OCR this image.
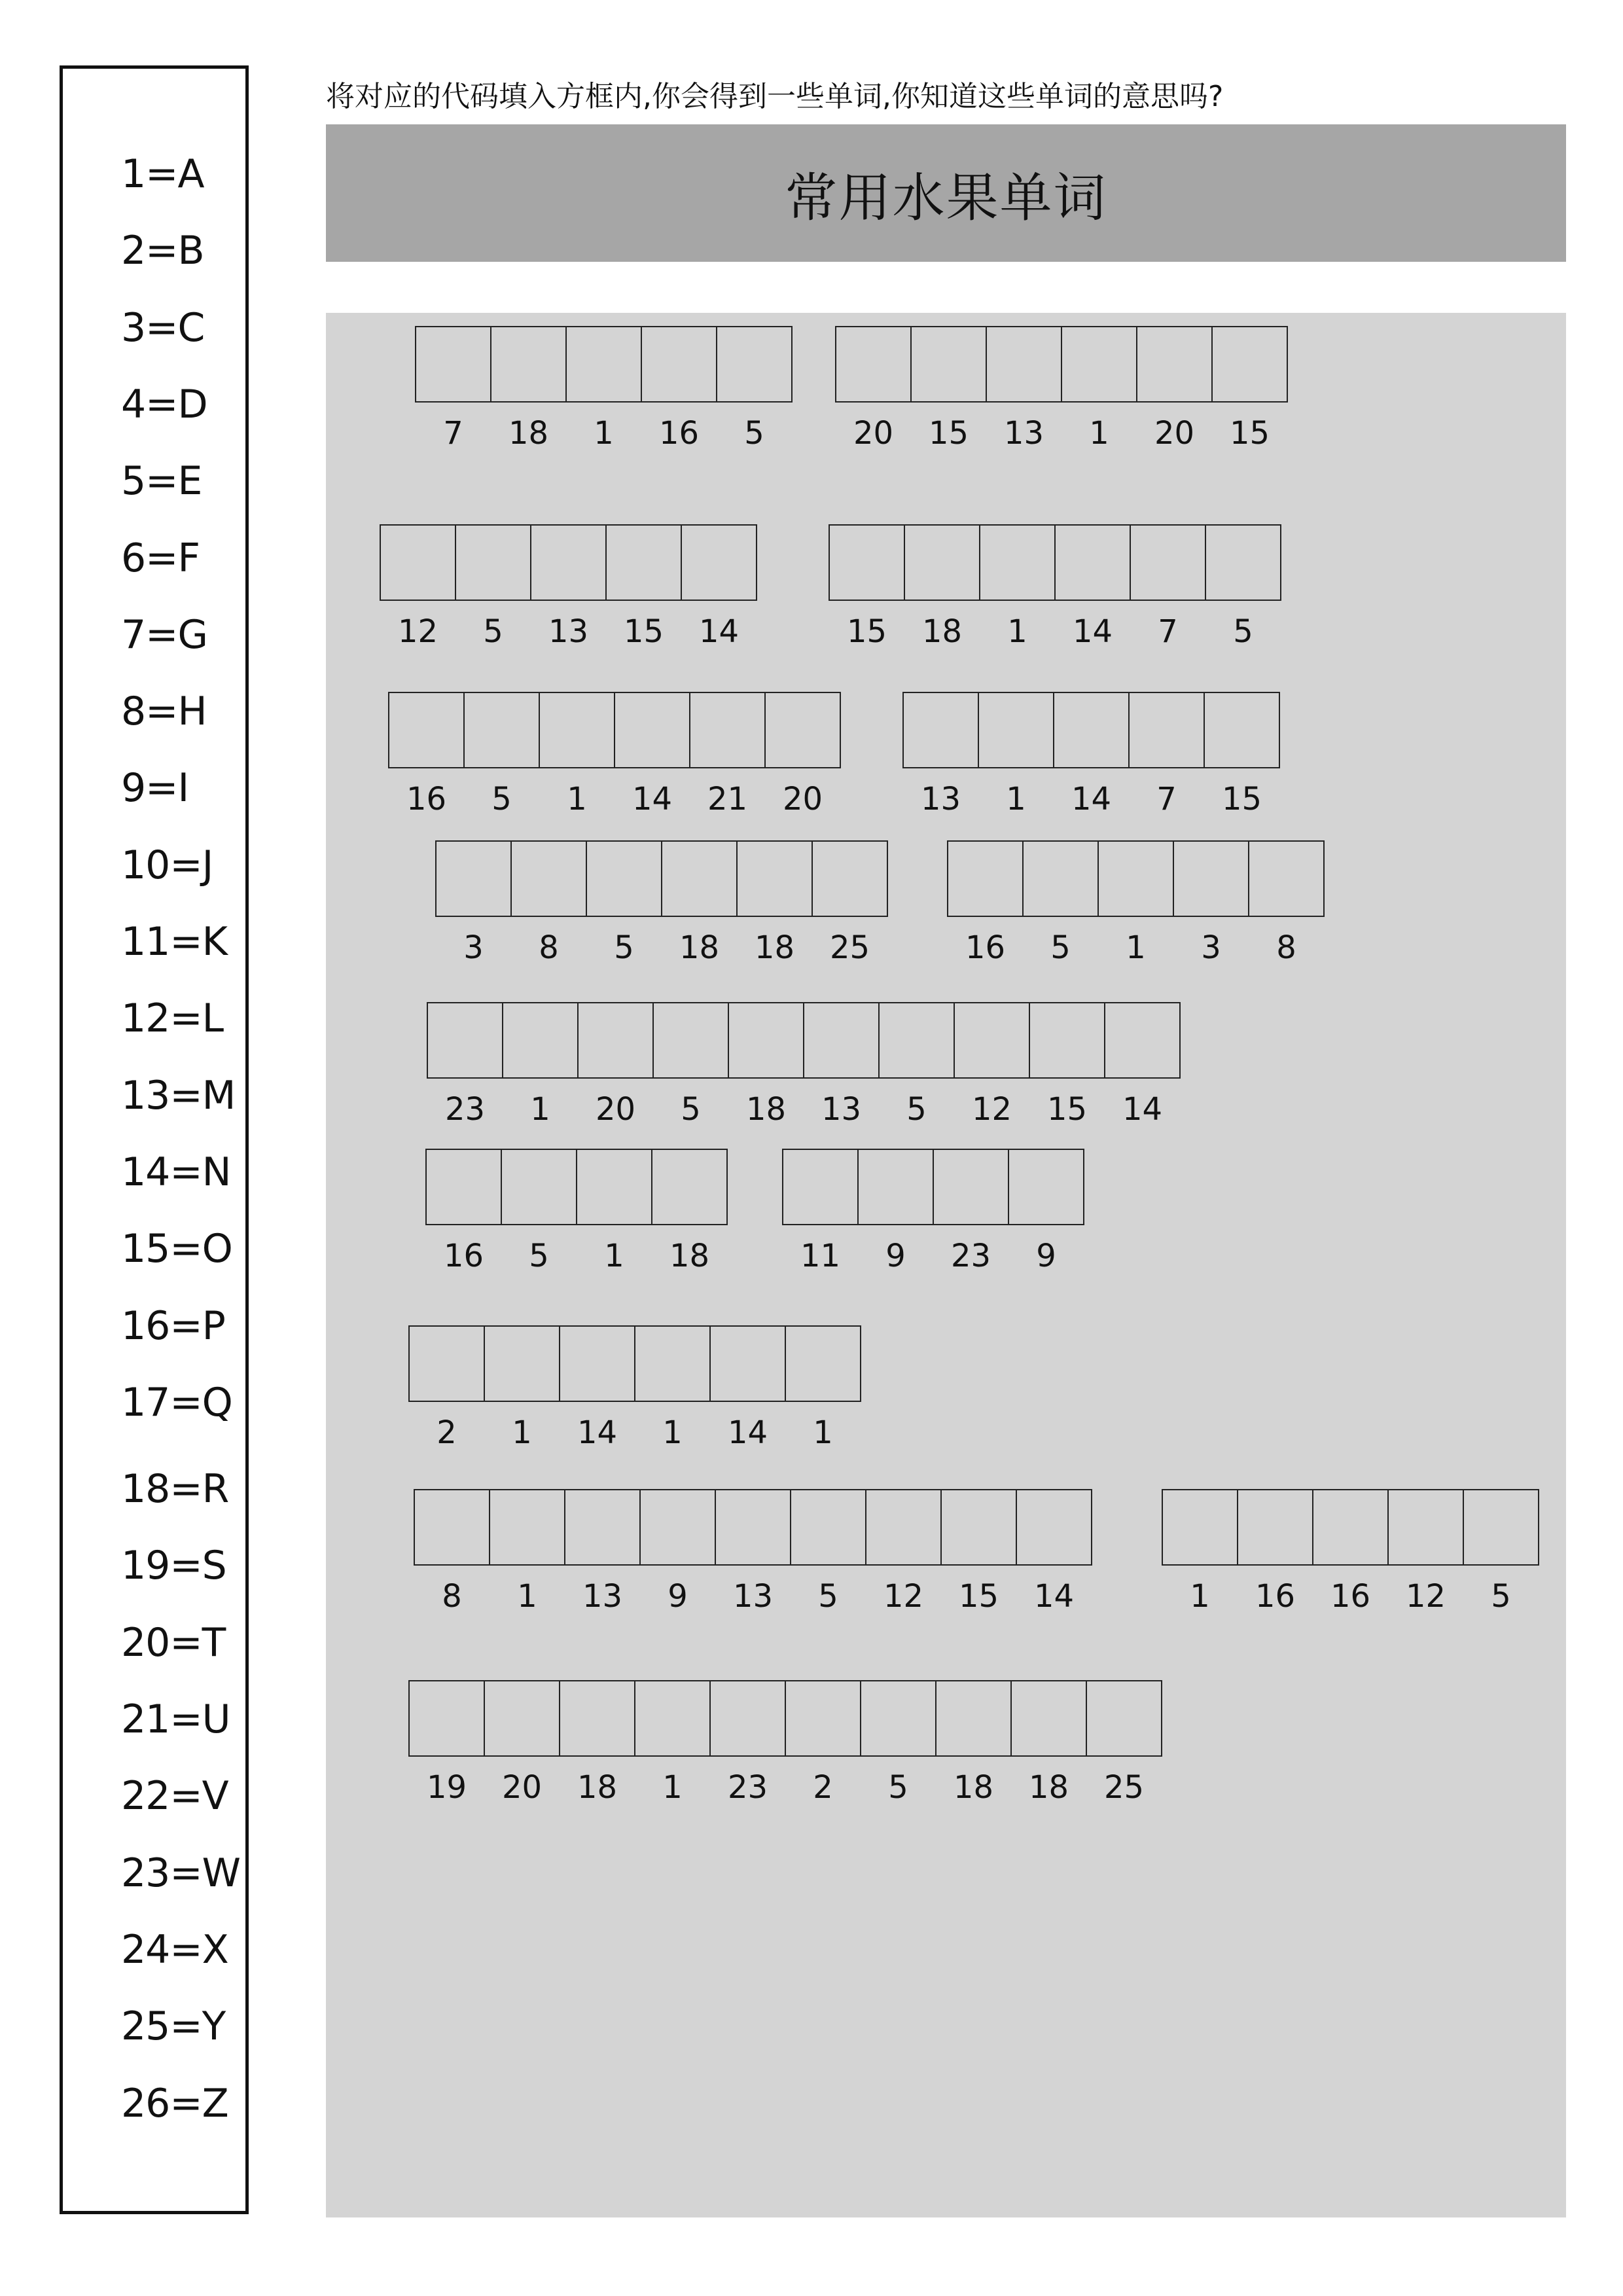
1=A
2=B
3=C
4=D
5=E
6=F
7=G
8=H
9=I
10=J
11=K
12=L
13=M
14=N
15=O
16=P
17=Q
18=R
19=S
20=T
21=U
22=V
23=W
24=X
25=Y
26=Z
将对应的代码填入方框内,你会得到一些单词,你知道这些单词的意思吗?
常用水果单词
7	18	1	16	5	20	15	13	1	20	15
12	5	13	15	14	15	18	1	14	7	5
16	5	1	14	21	20	13	1	14	7	15
3	8	5	18	18	25	16	5	1	3	8
23	1	20	5	18	13	5	12	15	14
16	5	1	18	11	9	23	9
2	1	14	1	14	1
8	1	13	9	13	5	12	15	14	1	16	16	12	5
19	20	18	1	23	2	5	18	18	25
